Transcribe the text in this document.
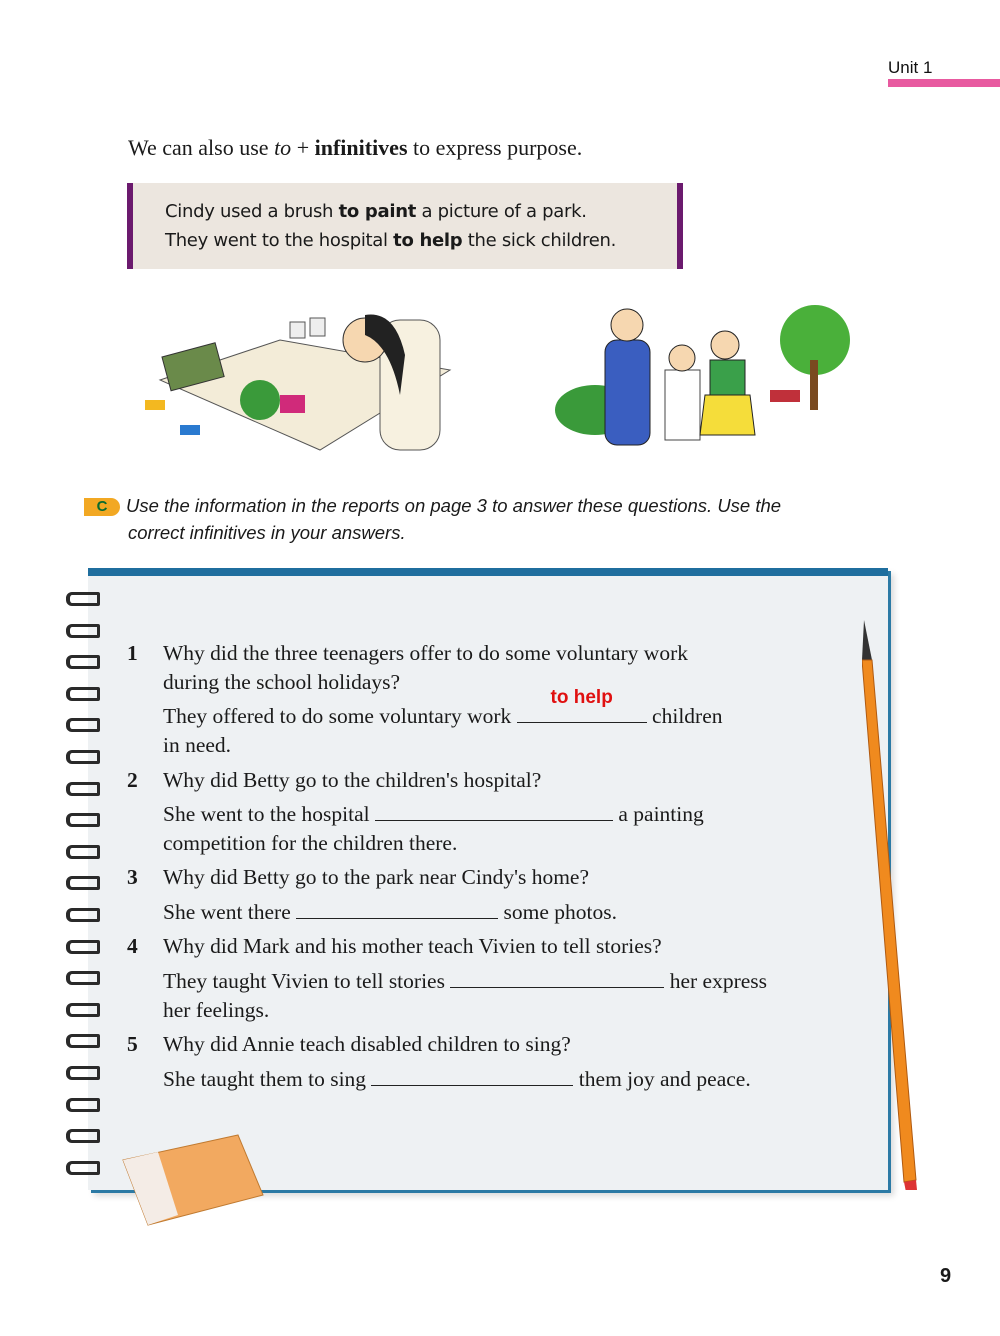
Unit 1
We can also use to + infinitives to express purpose.
Cindy used a brush to paint a picture of a park.
They went to the hospital to help the sick children.
C Use the information in the reports on page 3 to answer these questions. Use the
correct infinitives in your answers.
1 Why did the three teenagers offer to do some voluntary work
during the school holidays?
They offered to do some voluntary work
to help
children
in need.
2 Why did Betty go to the children's hospital?
She went to the hospital	a painting
competition for the children there.
3 Why did Betty go to the park near Cindy's home?
She went there	some photos.
4 Why did Mark and his mother teach Vivien to tell stories?
They taught Vivien to tell stories	her express
her feelings.
5 Why did Annie teach disabled children to sing?
She taught them to sing	them joy and peace.
9
